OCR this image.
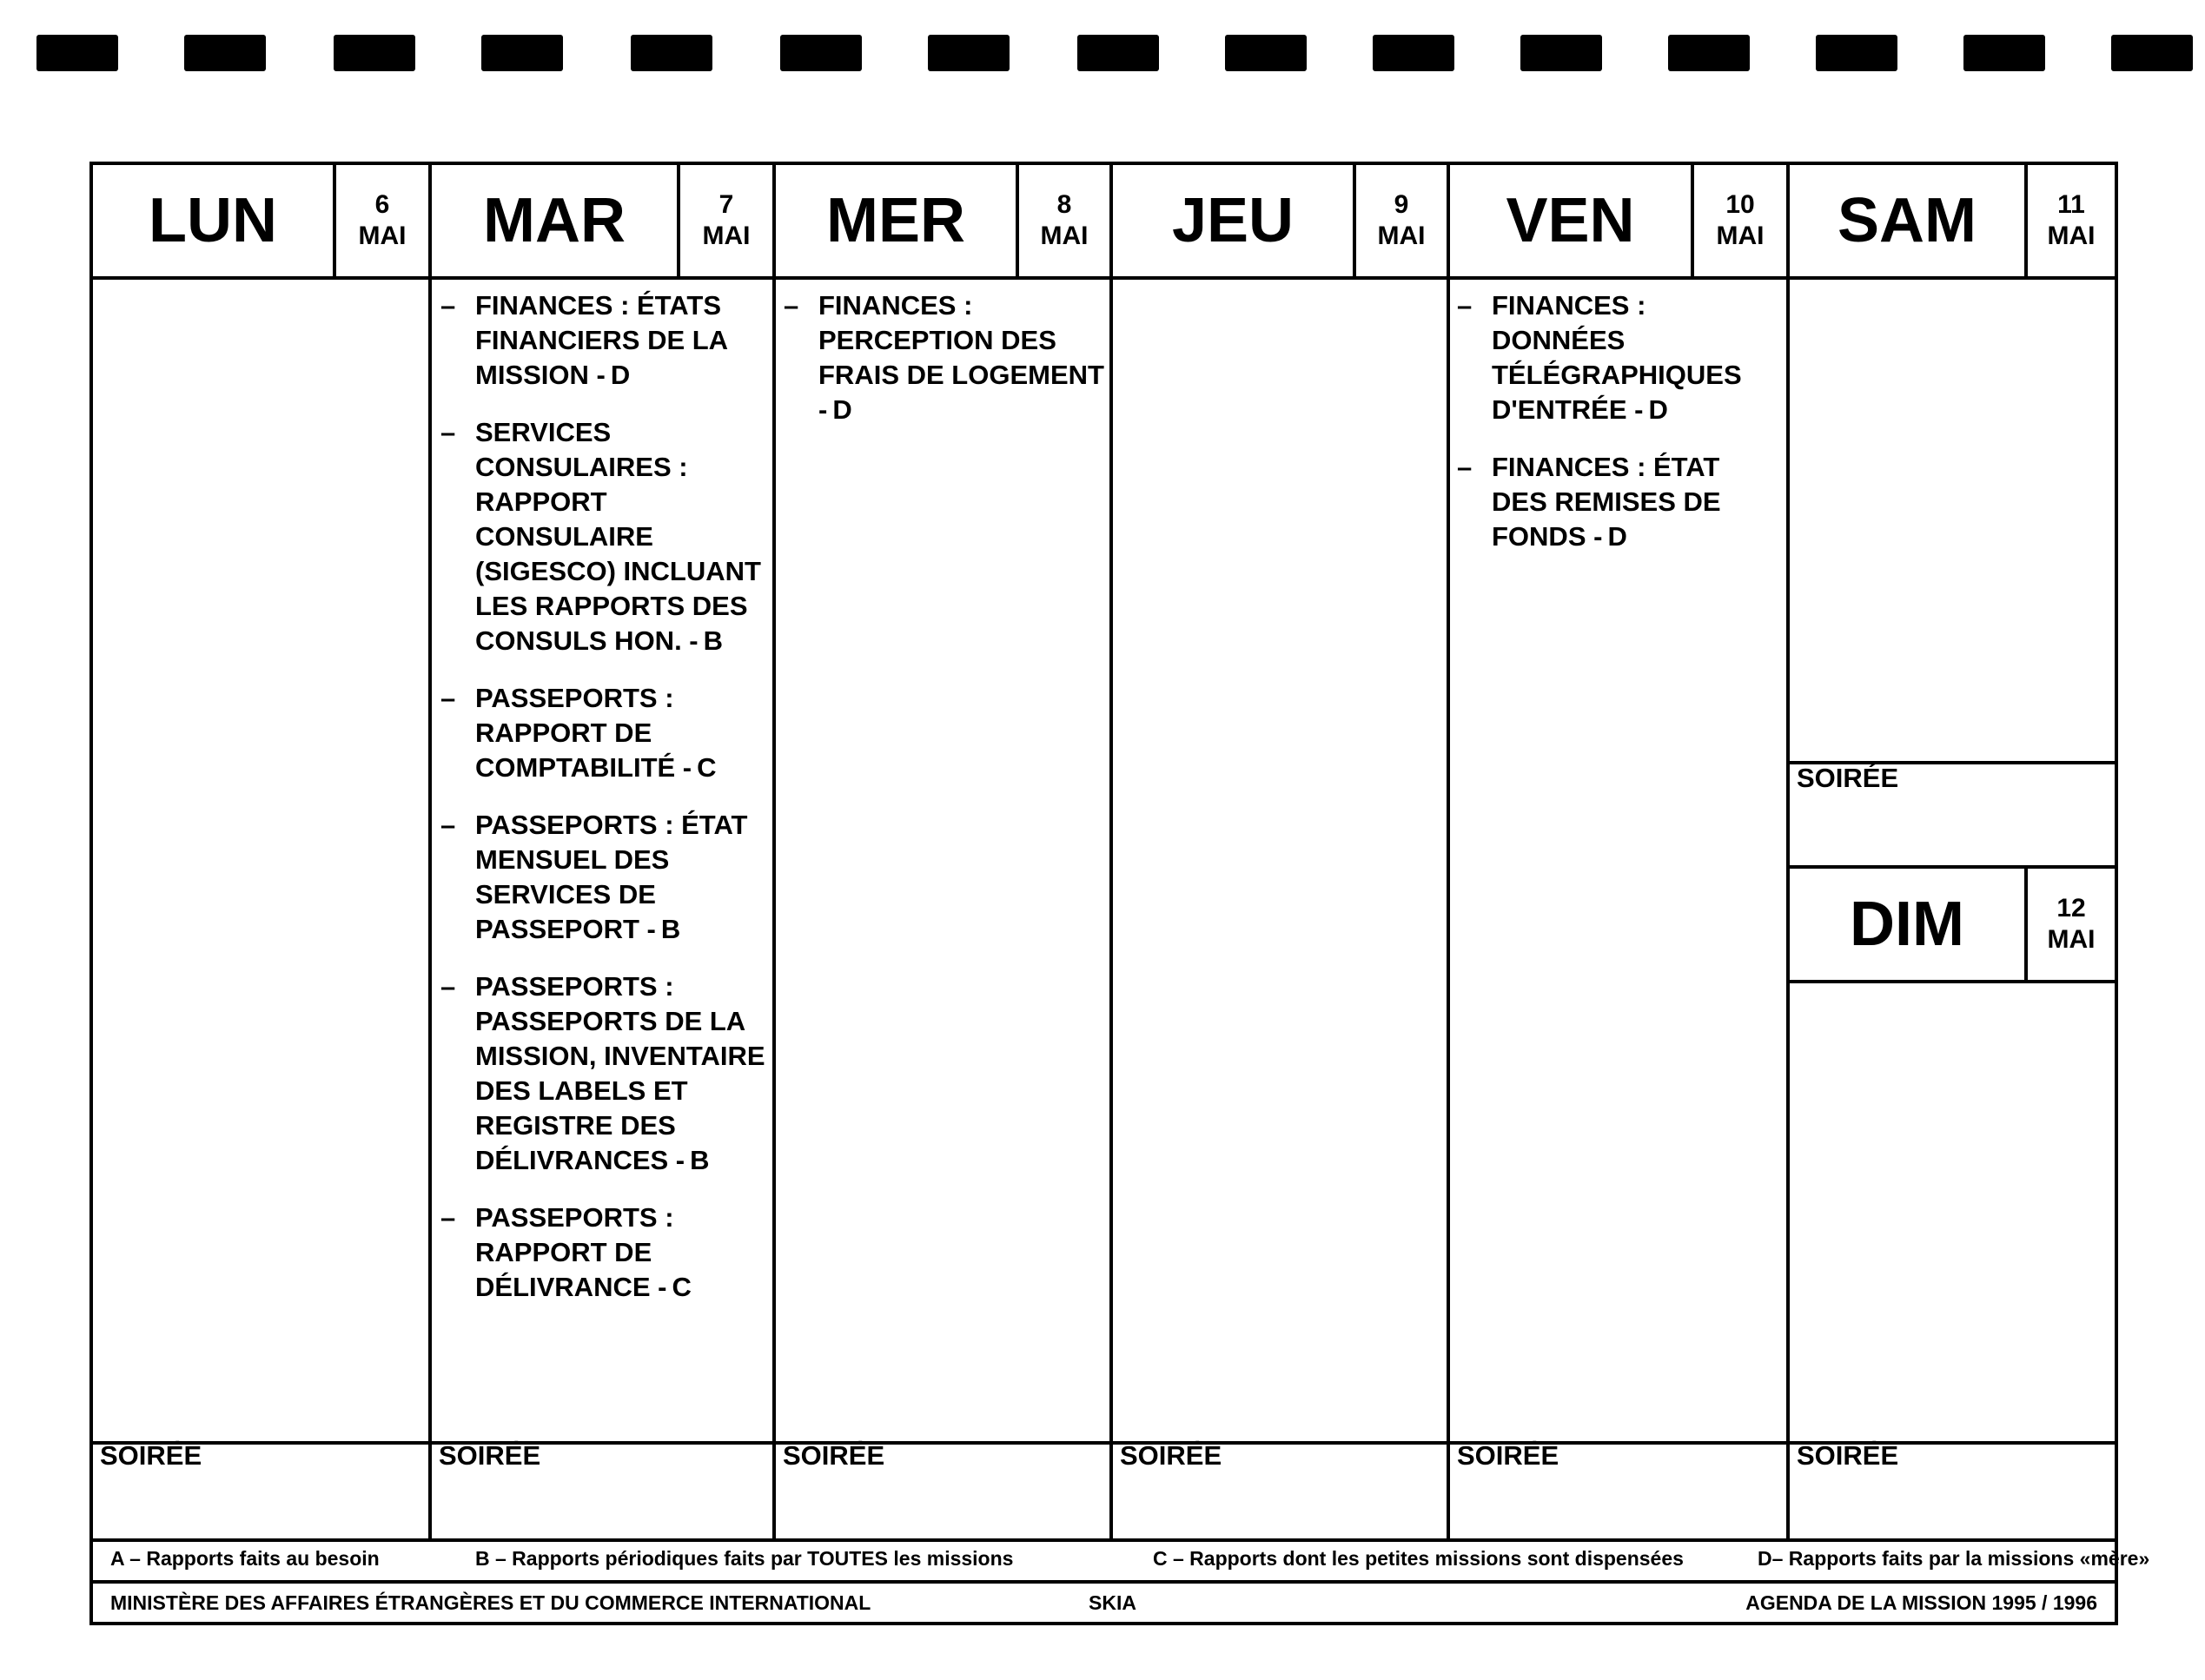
LUN	6
MAI
SOIRÉE
MAR	7
MAI
– FINANCES : ÉTATS FINANCIERS DE LA MISSION - D
– SERVICES CONSULAIRES : RAPPORT CONSULAIRE (SIGESCO) INCLUANT LES RAPPORTS DES CONSULS HON. - B
– PASSEPORTS : RAPPORT DE COMPTABILITÉ - C
– PASSEPORTS : ÉTAT MENSUEL DES SERVICES DE PASSEPORT - B
– PASSEPORTS : PASSEPORTS DE LA MISSION, INVENTAIRE DES LABELS ET REGISTRE DES DÉLIVRANCES - B
– PASSEPORTS : RAPPORT DE DÉLIVRANCE - C
SOIRÉE
MER	8
MAI
– FINANCES : PERCEPTION DES FRAIS DE LOGEMENT - D
SOIRÉE
JEU	9
MAI
SOIRÉE
VEN	10
MAI
– FINANCES : DONNÉES TÉLÉGRAPHIQUES D'ENTRÉE - D
– FINANCES : ÉTAT DES REMISES DE FONDS - D
SOIRÉE
SAM	11
MAI
SOIRÉE
DIM	12
MAI
SOIRÉE
A – Rapports faits au besoin	B – Rapports périodiques faits par TOUTES les missions	C – Rapports dont les petites missions sont dispensées	D– Rapports faits par la missions «mère»
MINISTÈRE DES AFFAIRES ÉTRANGÈRES ET DU COMMERCE INTERNATIONAL	SKIA	AGENDA DE LA MISSION 1995 / 1996
